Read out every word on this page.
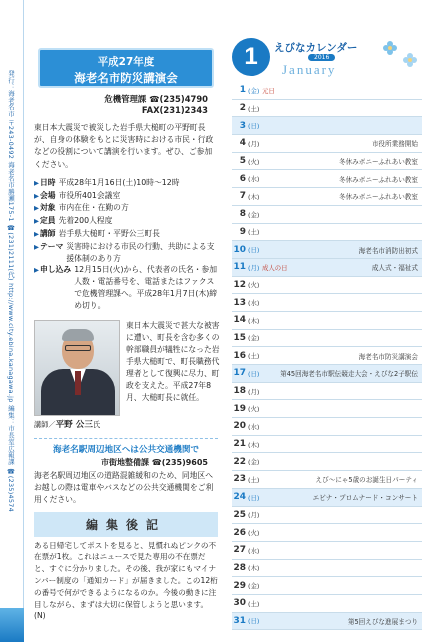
発行：海老名市 〒243-0492 海老名市勝瀬175-1 ☎(231)2111(代) http://www.city.ebina.kanagawa.jp 編集：市長室広報課 ☎(235)4574
平成27年度
海老名市防災講演会
危機管理課 ☎(235)4790
FAX(231)2343

東日本大震災で被災した岩手県大槌町の平野町長が、自身の体験をもとに災害時における市民・行政などの役割について講演を行います。ぜひ、ご参加ください。

▶ 日時 平成28年1月16日(土)10時〜12時
▶ 会場 市役所401会議室
▶ 対象 市内在住・在勤の方
▶ 定員 先着200人程度
▶ 講師 岩手県大槌町・平野公三町長
▶ テーマ 災害時における市民の行動、共助による支援体制のあり方
▶ 申し込み 12月15日(火)から、代表者の氏名・参加人数・電話番号を、電話またはファクスで危機管理課へ。平成28年1月7日(木)締め切り。
講師／平野 公三氏

東日本大震災で甚大な被害に遭い、町長を含む多くの幹部職員が犠牲になった岩手県大槌町で、町長職務代理者として復興に尽力、町政を支えた。平成27年8月、大槌町長に就任。

海老名駅周辺地区へは公共交通機関で
市街地整備課 ☎(235)9605

海老名駅周辺地区の道路混雑緩和のため、同地区へお越しの際は電車やバスなどの公共交通機関をご利用ください。

編集後記

ある日帰宅してポストを見ると、見慣れぬピンクの不在票が1枚。これはニュースで見た専用の不在票だと、すぐに分かりました。その後、我が家にもマイナンバー制度の「通知カード」が届きました。この12桁の番号で何ができるようになるのか。今後の動きに注目しながら、まずは大切に保管しようと思います。(N)

1	えびなカレンダー
2016
January
1 (金) 元日
2 (土)
3 (日)
4 (月)	市役所業務開始
5 (火)	冬休みボニーふれあい教室
6 (水)	冬休みボニーふれあい教室
7 (木)	冬休みボニーふれあい教室
8 (金)
9 (土)
10 (日)	海老名市消防出初式
11 (月) 成人の日	成人式・福祉式
12 (火)
13 (水)
14 (木)
15 (金)
16 (土)	海老名市防災講演会
17 (日)	第45回海老名市駅伝競走大会・えびな2子駅伝
18 (月)
19 (火)
20 (水)
21 (木)
22 (金)
23 (土)	えび〜にゃ5歳のお誕生日パーティ
24 (日)	エビナ・プロムナード・コンサート
25 (月)
26 (火)
27 (水)
28 (木)
29 (金)
30 (土)
31 (日)	第5回えびな進展まつり
